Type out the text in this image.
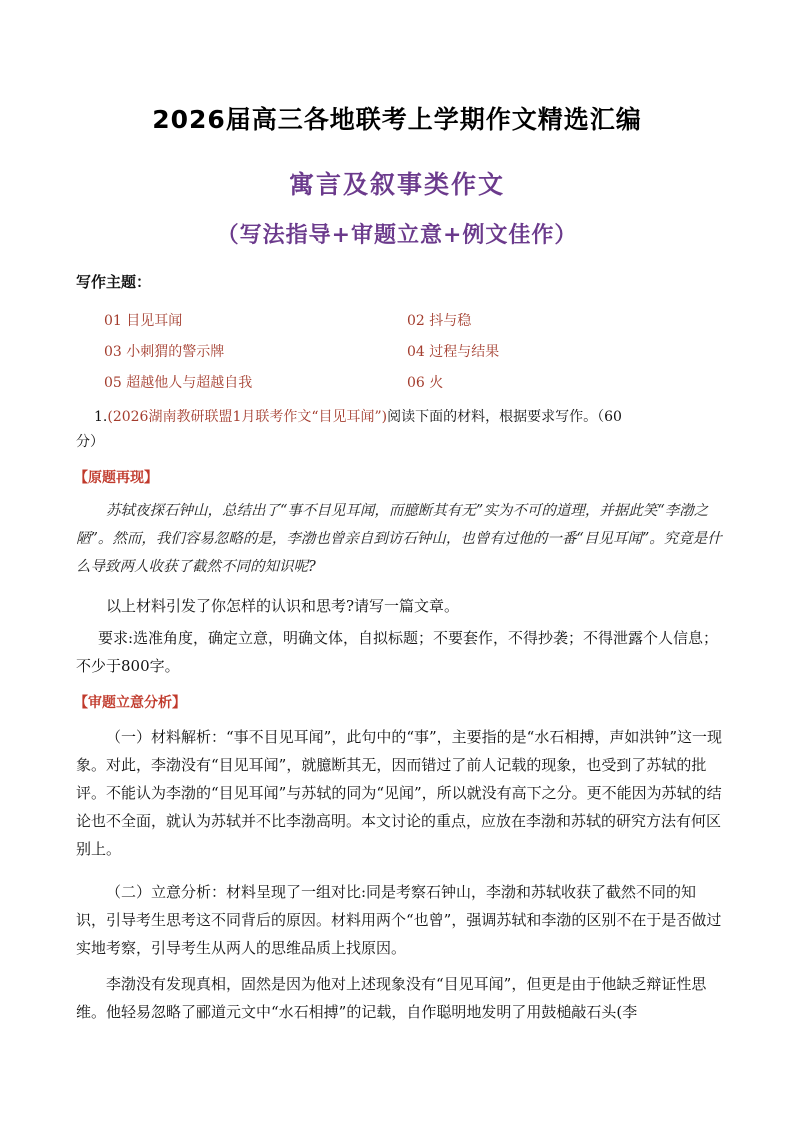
2026届高三各地联考上学期作文精选汇编
寓言及叙事类作文
（写法指导+审题立意+例文佳作）
写作主题：
01 目见耳闻	02 抖与稳
03 小刺猬的警示牌	04 过程与结果
05 超越他人与超越自我	06 火
1.(2026湖南教研联盟1月联考作文“目见耳闻”)阅读下面的材料，根据要求写作。（60
分）
【原题再现】
苏轼夜探石钟山，总结出了“事不目见耳闻，而臆断其有无”实为不可的道理，并据此笑“李渤之陋”。然而，我们容易忽略的是，李渤也曾亲自到访石钟山，也曾有过他的一番“目见耳闻”。究竟是什么导致两人收获了截然不同的知识呢?
以上材料引发了你怎样的认识和思考?请写一篇文章。
要求:选准角度，确定立意，明确文体，自拟标题；不要套作，不得抄袭；不得泄露个人信息；不少于800字。
【审题立意分析】
（一）材料解析：“事不目见耳闻”，此句中的“事”，主要指的是“水石相搏，声如洪钟”这一现象。对此，李渤没有“目见耳闻”，就臆断其无，因而错过了前人记载的现象，也受到了苏轼的批评。不能认为李渤的“目见耳闻”与苏轼的同为“见闻”，所以就没有高下之分。更不能因为苏轼的结论也不全面，就认为苏轼并不比李渤高明。本文讨论的重点，应放在李渤和苏轼的研究方法有何区别上。
（二）立意分析：材料呈现了一组对比:同是考察石钟山，李渤和苏轼收获了截然不同的知识，引导考生思考这不同背后的原因。材料用两个“也曾”，强调苏轼和李渤的区别不在于是否做过实地考察，引导考生从两人的思维品质上找原因。
李渤没有发现真相，固然是因为他对上述现象没有“目见耳闻”，但更是由于他缺乏辩证性思维。他轻易忽略了郦道元文中“水石相搏”的记载，自作聪明地发明了用鼓槌敲石头(李
